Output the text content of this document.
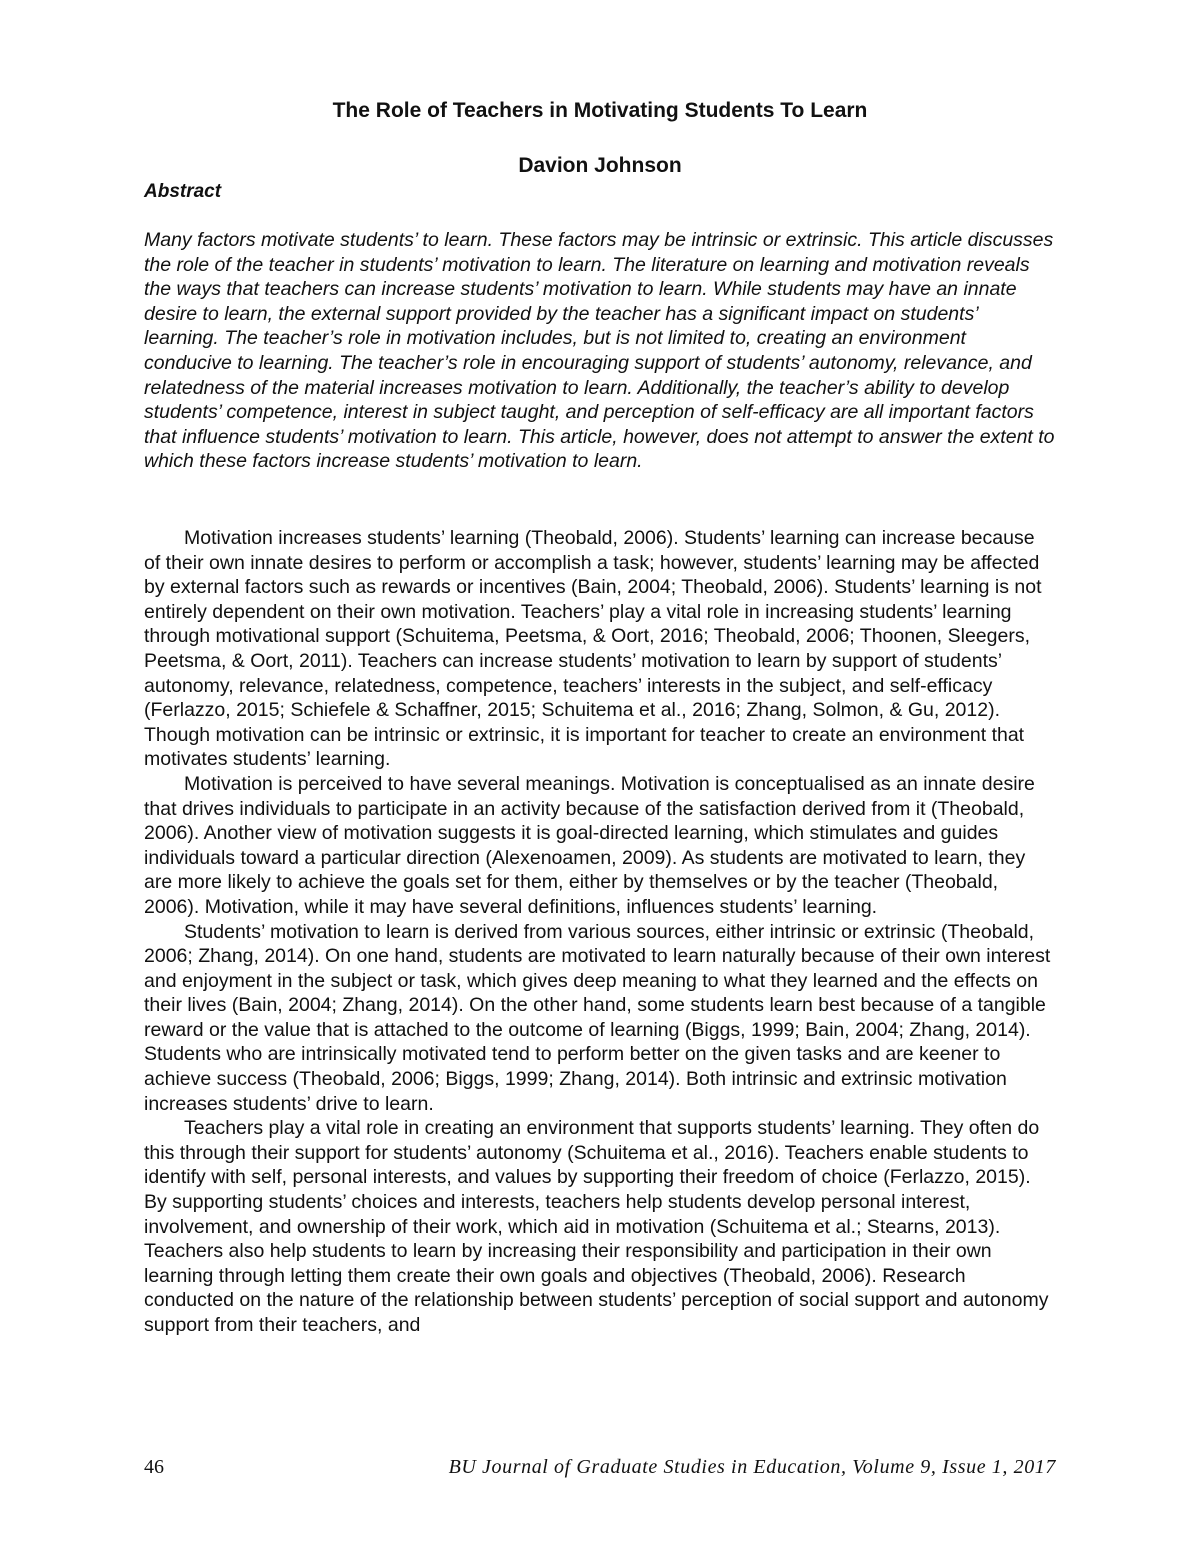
The Role of Teachers in Motivating Students To Learn
Davion Johnson
Abstract

Many factors motivate students’ to learn. These factors may be intrinsic or extrinsic. This article discusses the role of the teacher in students’ motivation to learn. The literature on learning and motivation reveals the ways that teachers can increase students’ motivation to learn. While students may have an innate desire to learn, the external support provided by the teacher has a significant impact on students’ learning. The teacher’s role in motivation includes, but is not limited to, creating an environment conducive to learning. The teacher’s role in encouraging support of students’ autonomy, relevance, and relatedness of the material increases motivation to learn. Additionally, the teacher’s ability to develop students’ competence, interest in subject taught, and perception of self-efficacy are all important factors that influence students’ motivation to learn. This article, however, does not attempt to answer the extent to which these factors increase students’ motivation to learn.

Motivation increases students’ learning (Theobald, 2006). Students’ learning can increase because of their own innate desires to perform or accomplish a task; however, students’ learning may be affected by external factors such as rewards or incentives (Bain, 2004; Theobald, 2006). Students’ learning is not entirely dependent on their own motivation. Teachers’ play a vital role in increasing students’ learning through motivational support (Schuitema, Peetsma, & Oort, 2016; Theobald, 2006; Thoonen, Sleegers, Peetsma, & Oort, 2011). Teachers can increase students’ motivation to learn by support of students’ autonomy, relevance, relatedness, competence, teachers’ interests in the subject, and self-efficacy (Ferlazzo, 2015; Schiefele & Schaffner, 2015; Schuitema et al., 2016; Zhang, Solmon, & Gu, 2012). Though motivation can be intrinsic or extrinsic, it is important for teacher to create an environment that motivates students’ learning.

Motivation is perceived to have several meanings. Motivation is conceptualised as an innate desire that drives individuals to participate in an activity because of the satisfaction derived from it (Theobald, 2006). Another view of motivation suggests it is goal-directed learning, which stimulates and guides individuals toward a particular direction (Alexenoamen, 2009). As students are motivated to learn, they are more likely to achieve the goals set for them, either by themselves or by the teacher (Theobald, 2006). Motivation, while it may have several definitions, influences students’ learning.

Students’ motivation to learn is derived from various sources, either intrinsic or extrinsic (Theobald, 2006; Zhang, 2014). On one hand, students are motivated to learn naturally because of their own interest and enjoyment in the subject or task, which gives deep meaning to what they learned and the effects on their lives (Bain, 2004; Zhang, 2014). On the other hand, some students learn best because of a tangible reward or the value that is attached to the outcome of learning (Biggs, 1999; Bain, 2004; Zhang, 2014). Students who are intrinsically motivated tend to perform better on the given tasks and are keener to achieve success (Theobald, 2006; Biggs, 1999; Zhang, 2014). Both intrinsic and extrinsic motivation increases students’ drive to learn.

Teachers play a vital role in creating an environment that supports students’ learning. They often do this through their support for students’ autonomy (Schuitema et al., 2016). Teachers enable students to identify with self, personal interests, and values by supporting their freedom of choice (Ferlazzo, 2015). By supporting students’ choices and interests, teachers help students develop personal interest, involvement, and ownership of their work, which aid in motivation (Schuitema et al.; Stearns, 2013). Teachers also help students to learn by increasing their responsibility and participation in their own learning through letting them create their own goals and objectives (Theobald, 2006). Research conducted on the nature of the relationship between students’ perception of social support and autonomy support from their teachers, and

46	BU Journal of Graduate Studies in Education, Volume 9, Issue 1, 2017
